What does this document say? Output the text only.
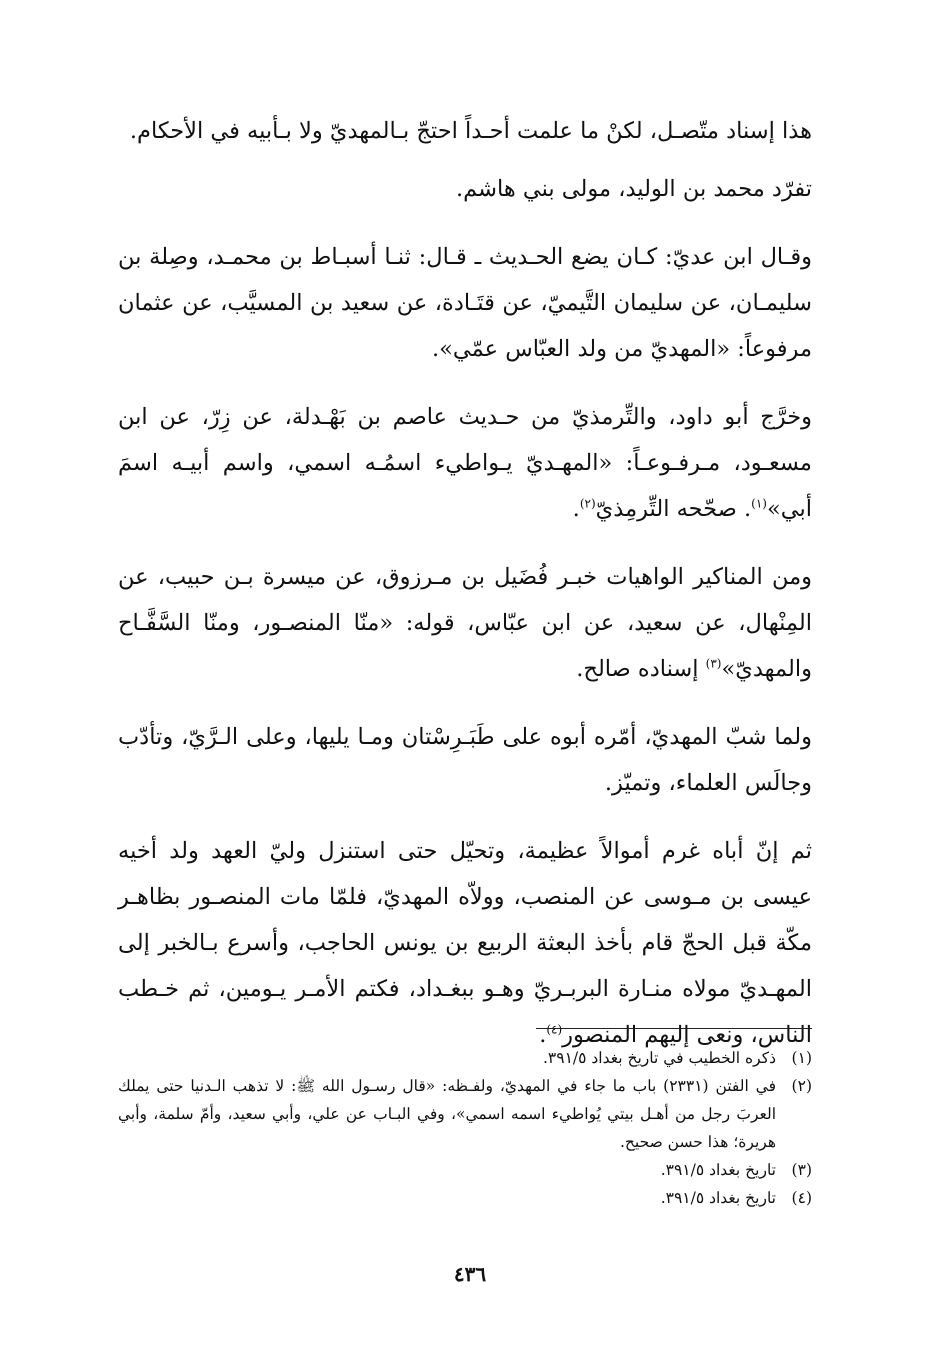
هذا إسناد متّصـل، لكنْ ما علمت أحـداً احتجّ بـالمهديّ ولا بـأبيه في الأحكام.

تفرّد محمد بن الوليد، مولى بني هاشم.

وقـال ابن عديّ: كـان يضع الحـديث ـ قـال: ثنـا أسبـاط بن محمـد، وصِلة بن سليمـان، عن سليمان التَّيميّ، عن قتَـادة، عن سعيد بن المسيَّب، عن عثمان مرفوعاً: «المهديّ من ولد العبّاس عمّي».

وخرَّج أبو داود، والتِّرمذيّ من حـديث عاصم بن بَهْـدلة، عن زِرّ، عن ابن مسعـود، مـرفـوعـاً: «المهـديّ يـواطيء اسمُـه اسمي، واسم أبيـه اسمَ أبي»$^{(١)}$. صحّحه التِّرمِذيّ$^{(٢)}$.

ومن المناكير الواهيات خبـر فُضَيل بن مـرزوق، عن ميسرة بـن حبيب، عن المِنْهال، عن سعيد، عن ابن عبّاس، قوله: «منّا المنصـور، ومنّا السَّفَّـاح والمهديّ»$^{(٣)}$ إسناده صالح.

ولما شبّ المهديّ، أمّره أبوه على طَبَـرِسْتان ومـا يليها، وعلى الـرَّيّ، وتأدّب وجالَس العلماء، وتميّز.

ثم إنّ أباه غرم أموالاً عظيمة، وتحيّل حتى استنزل وليّ العهد ولد أخيه عيسى بن مـوسى عن المنصب، وولاّه المهديّ، فلمّا مات المنصـور بظاهـر مكّة قبل الحجّ قام بأخذ البعثة الربيع بن يونس الحاجب، وأسرع بـالخبر إلى المهـديّ مولاه منـارة البربـريّ وهـو ببغـداد، فكتم الأمـر يـومين، ثم خـطب الناس، ونعى إليهم المنصور$^{(٤)}$.

(١)
ذكره الخطيب في تاريخ بغداد ٣٩١/٥.
(٢)
في الفتن (٢٣٣١) باب ما جاء في المهديّ، ولفـظه: «قال رسـول الله ﷺ: لا تذهب الـدنيا حتى يملك العربَ رجل من أهـل بيتي يُواطيء اسمه اسمي»، وفي البـاب عن علي، وأبي سعيد، وأمّ سلمة، وأبي هريرة؛ هذا حسن صحيح.
(٣)
تاريخ بغداد ٣٩١/٥.
(٤)
تاريخ بغداد ٣٩١/٥.
٤٣٦
